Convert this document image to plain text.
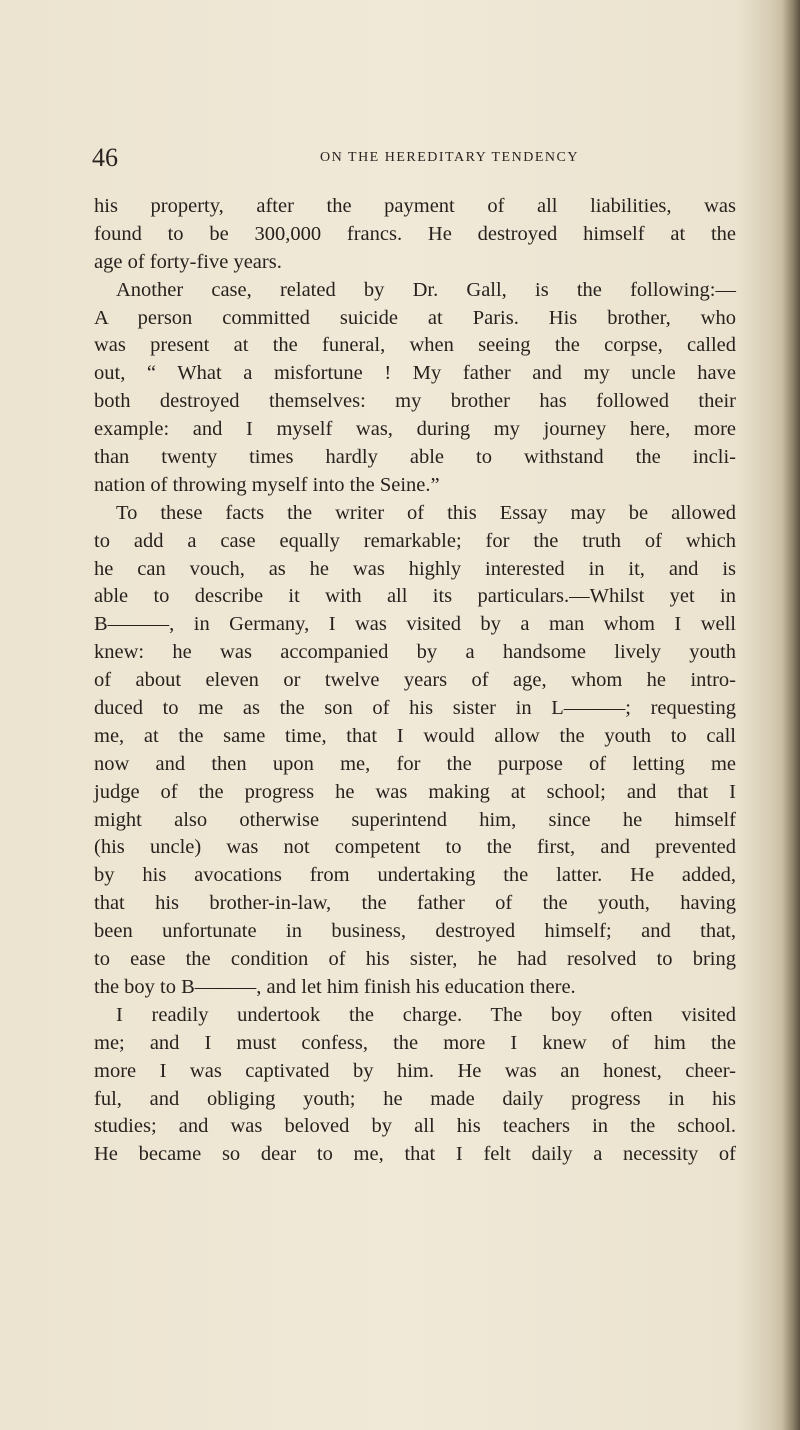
46	ON THE HEREDITARY TENDENCY
his property, after the payment of all liabilities, was
found to be 300,000 francs. He destroyed himself at the
age of forty-five years.
Another case, related by Dr. Gall, is the following:—
A person committed suicide at Paris. His brother, who
was present at the funeral, when seeing the corpse, called
out, “ What a misfortune ! My father and my uncle have
both destroyed themselves: my brother has followed their
example: and I myself was, during my journey here, more
than twenty times hardly able to withstand the incli-
nation of throwing myself into the Seine.”
To these facts the writer of this Essay may be allowed
to add a case equally remarkable; for the truth of which
he can vouch, as he was highly interested in it, and is
able to describe it with all its particulars.—Whilst yet in
B———, in Germany, I was visited by a man whom I well
knew: he was accompanied by a handsome lively youth
of about eleven or twelve years of age, whom he intro-
duced to me as the son of his sister in L———; requesting
me, at the same time, that I would allow the youth to call
now and then upon me, for the purpose of letting me
judge of the progress he was making at school; and that I
might also otherwise superintend him, since he himself
(his uncle) was not competent to the first, and prevented
by his avocations from undertaking the latter. He added,
that his brother-in-law, the father of the youth, having
been unfortunate in business, destroyed himself; and that,
to ease the condition of his sister, he had resolved to bring
the boy to B———, and let him finish his education there.
I readily undertook the charge. The boy often visited
me; and I must confess, the more I knew of him the
more I was captivated by him. He was an honest, cheer-
ful, and obliging youth; he made daily progress in his
studies; and was beloved by all his teachers in the school.
He became so dear to me, that I felt daily a necessity of
